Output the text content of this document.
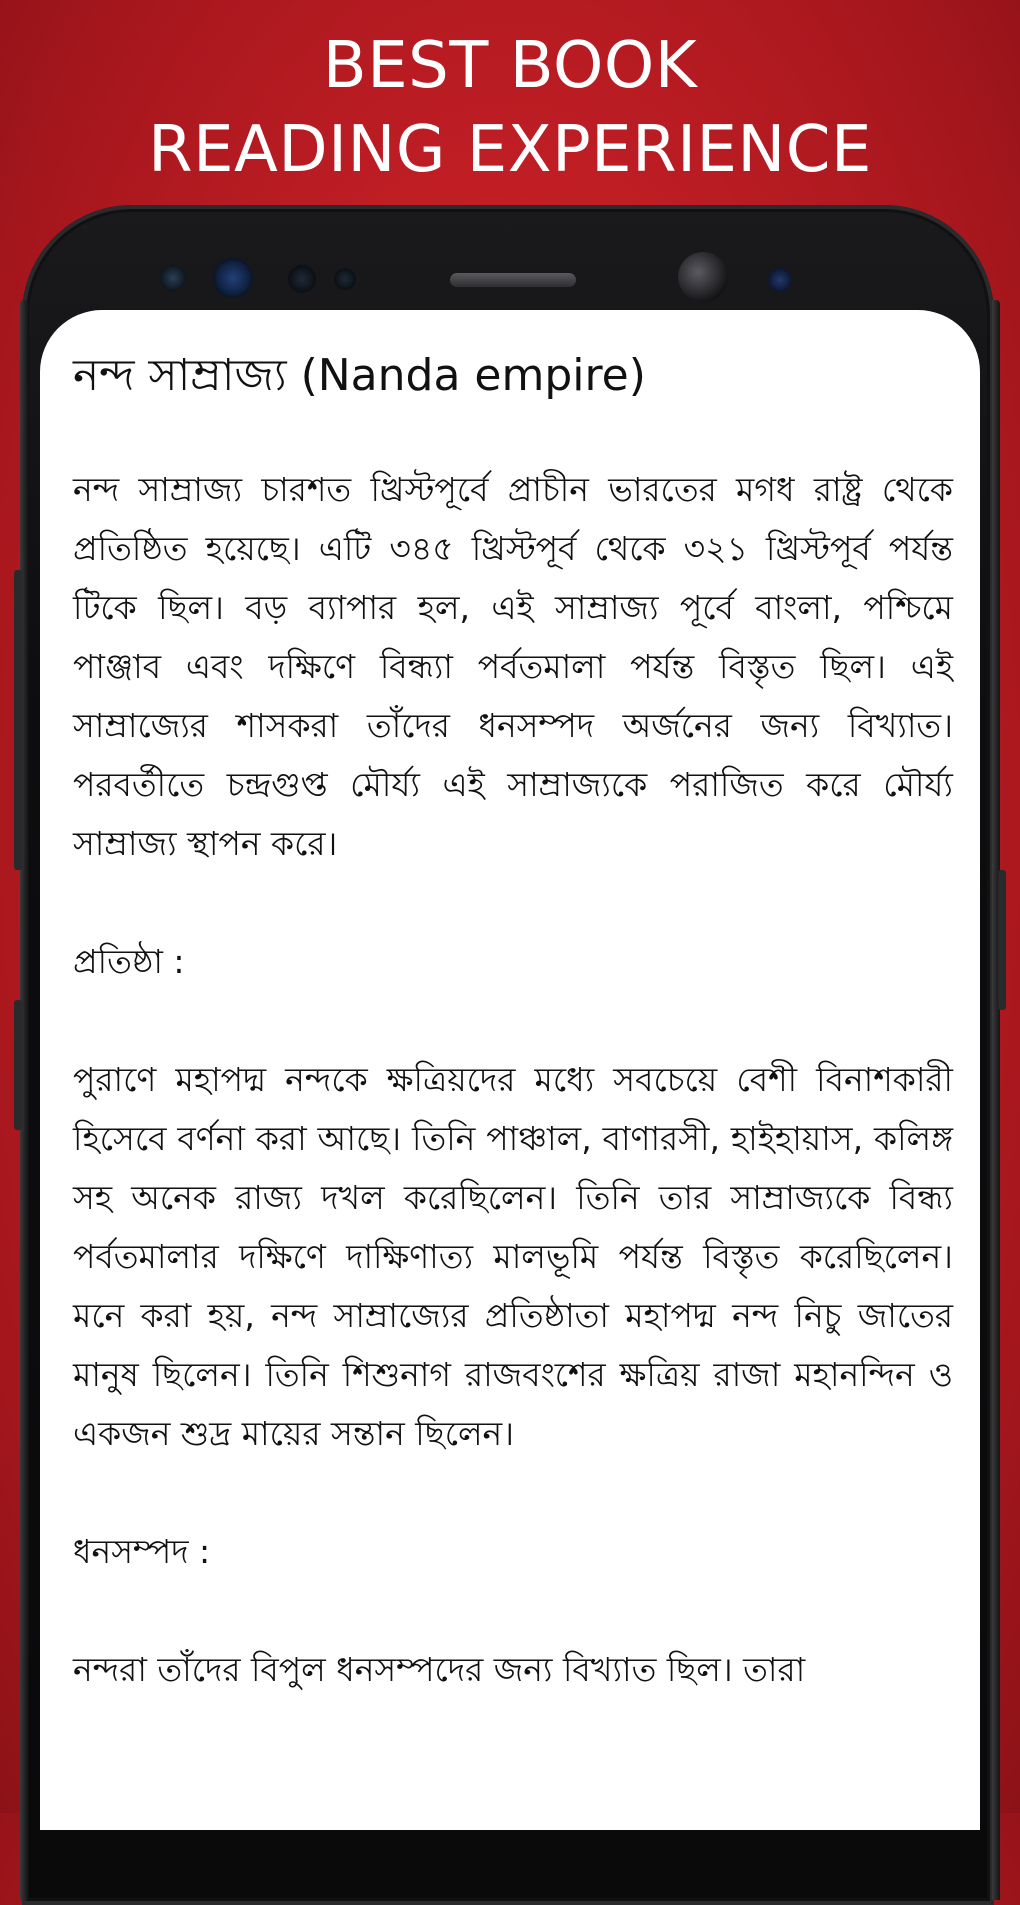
BEST BOOK
READING EXPERIENCE
নন্দ সাম্রাজ্য (Nanda empire)

নন্দ সাম্রাজ্য চারশত খ্রিস্টপূর্বে প্রাচীন ভারতের মগধ রাষ্ট্র থেকে প্রতিষ্ঠিত হয়েছে। এটি ৩৪৫ খ্রিস্টপূর্ব থেকে ৩২১ খ্রিস্টপূর্ব পর্যন্ত টিকে ছিল। বড় ব্যাপার হল, এই সাম্রাজ্য পূর্বে বাংলা, পশ্চিমে পাঞ্জাব এবং দক্ষিণে বিন্ধ্যা পর্বতমালা পর্যন্ত বিস্তৃত ছিল। এই সাম্রাজ্যের শাসকরা তাঁদের ধনসম্পদ অর্জনের জন্য বিখ্যাত। পরবর্তীতে চন্দ্রগুপ্ত মৌর্য্য এই সাম্রাজ্যকে পরাজিত করে মৌর্য্য সাম্রাজ্য স্থাপন করে।

প্রতিষ্ঠা :

পুরাণে মহাপদ্ম নন্দকে ক্ষত্রিয়দের মধ্যে সবচেয়ে বেশী বিনাশকারী হিসেবে বর্ণনা করা আছে। তিনি পাঞ্চাল, বাণারসী, হাইহায়াস, কলিঙ্গ সহ অনেক রাজ্য দখল করেছিলেন। তিনি তার সাম্রাজ্যকে বিন্ধ্য পর্বতমালার দক্ষিণে দাক্ষিণাত্য মালভূমি পর্যন্ত বিস্তৃত করেছিলেন। মনে করা হয়, নন্দ সাম্রাজ্যের প্রতিষ্ঠাতা মহাপদ্ম নন্দ নিচু জাতের মানুষ ছিলেন। তিনি শিশুনাগ রাজবংশের ক্ষত্রিয় রাজা মহানন্দিন ও একজন শুদ্র মায়ের সন্তান ছিলেন।

ধনসম্পদ :

নন্দরা তাঁদের বিপুল ধনসম্পদের জন্য বিখ্যাত ছিল। তারা
